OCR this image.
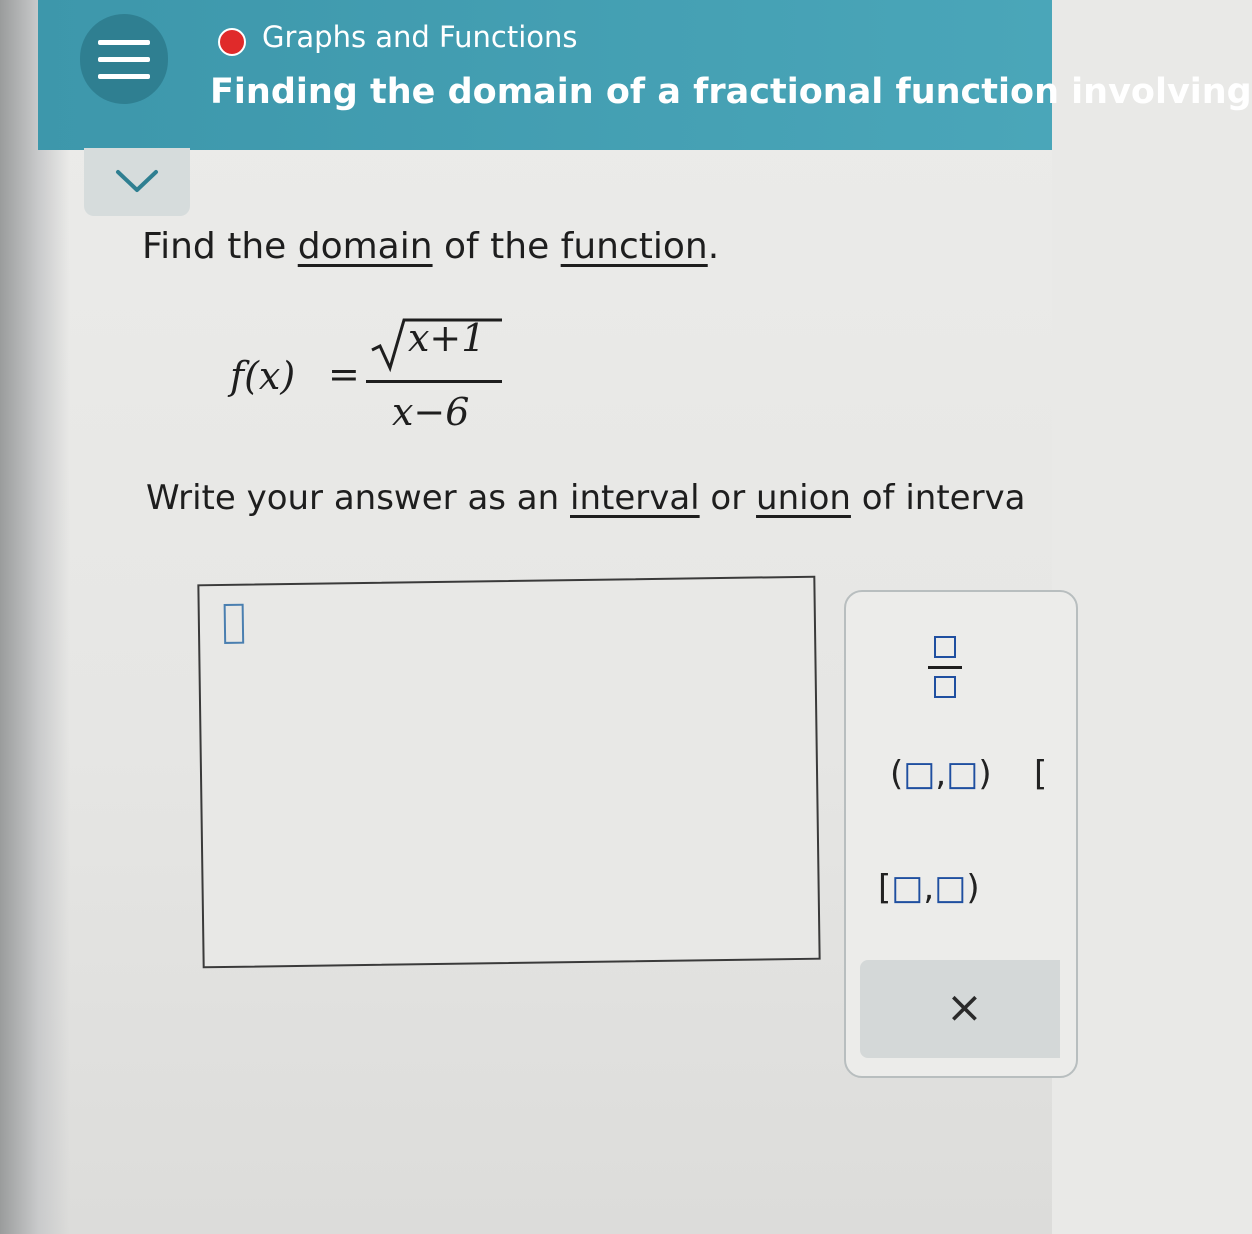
Graphs and Functions
Finding the domain of a fractional function involving
Find the domain of the function.
f(x) =
x+1
x−6
Write your answer as an interval or union of interva
(□,□) [
[□,□)
×
